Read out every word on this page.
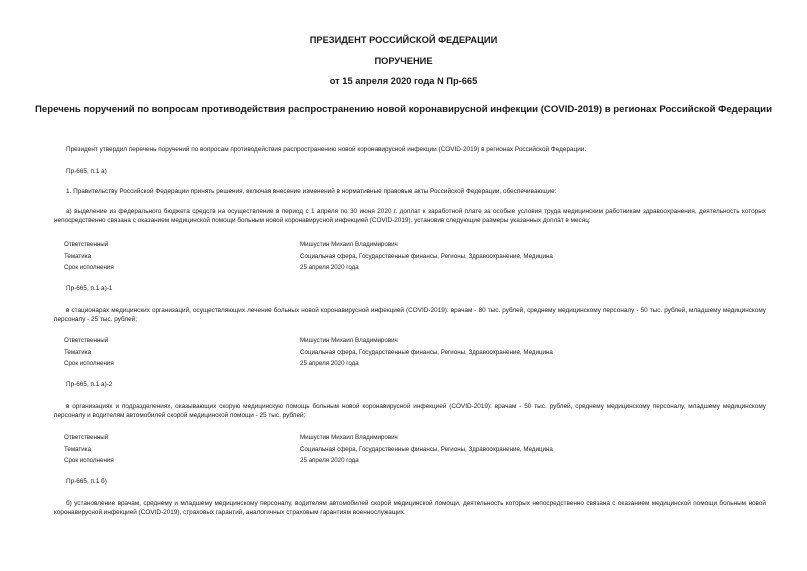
ПРЕЗИДЕНТ РОССИЙСКОЙ ФЕДЕРАЦИИ
ПОРУЧЕНИЕ
от 15 апреля 2020 года N Пр-665
Перечень поручений по вопросам противодействия распространению новой коронавирусной инфекции (COVID-2019) в регионах Российской Федерации
Президент утвердил перечень поручений по вопросам противодействия распространению новой коронавирусной инфекции (COVID-2019) в регионах Российской Федерации.
Пр-665, п.1 а)
1. Правительству Российской Федерации принять решения, включая внесение изменений в нормативные правовые акты Российской Федерации, обеспечивающие:
а) выделение из федерального бюджета средств на осуществление в период с 1 апреля по 30 июня 2020 г. доплат к заработной плате за особые условия труда медицинским работникам здравоохранения, деятельность которых непосредственно связана с оказанием медицинской помощи больным новой коронавирусной инфекцией (COVID-2019), установив следующие размеры указанных доплат в месяц:
Ответственный	Мишустин Михаил Владимирович
Тематика	Социальная сфера, Государственные финансы, Регионы, Здравоохранение, Медицина
Срок исполнения	25 апреля 2020 года
Пр-665, п.1 а)-1
в стационарах медицинских организаций, осуществляющих лечение больных новой коронавирусной инфекцией (COVID-2019): врачам - 80 тыс. рублей, среднему медицинскому персоналу - 50 тыс. рублей, младшему медицинскому персоналу - 25 тыс. рублей;
Ответственный	Мишустин Михаил Владимирович
Тематика	Социальная сфера, Государственные финансы, Регионы, Здравоохранение, Медицина
Срок исполнения	25 апреля 2020 года
Пр-665, п.1 а)-2
в организациях и подразделениях, оказывающих скорую медицинскую помощь больным новой коронавирусной инфекцией (COVID-2019): врачам - 50 тыс. рублей, среднему медицинскому персоналу, младшему медицинскому персоналу и водителям автомобилей скорой медицинской помощи - 25 тыс. рублей;
Ответственный	Мишустин Михаил Владимирович
Тематика	Социальная сфера, Государственные финансы, Регионы, Здравоохранение, Медицина
Срок исполнения	25 апреля 2020 года
Пр-665, п.1 б)
б) установление врачам, среднему и младшему медицинскому персоналу, водителям автомобилей скорой медицинской помощи, деятельность которых непосредственно связана с оказанием медицинской помощи больным новой коронавирусной инфекцией (COVID-2019), страховых гарантий, аналогичных страховым гарантиям военнослужащих.
